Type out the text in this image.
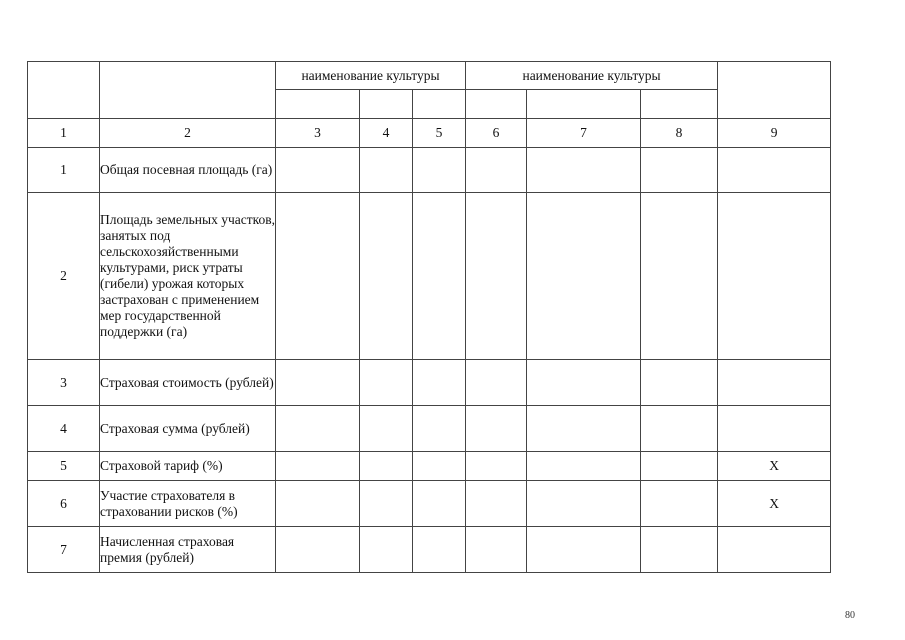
		наименование культуры			наименование культуры			

1	2	3	4	5	6	7	8	9
1	Общая посевная площадь (га)							
2	Площадь земельных участков, занятых под сельскохозяйственными культурами, риск утраты (гибели) урожая которых застрахован с применением мер государственной поддержки (га)							
3	Страховая стоимость (рублей)							
4	Страховая сумма (рублей)							
5	Страховой тариф (%)							X
6	Участие страхователя в страховании рисков (%)							X
7	Начисленная страховая премия (рублей)							
80
